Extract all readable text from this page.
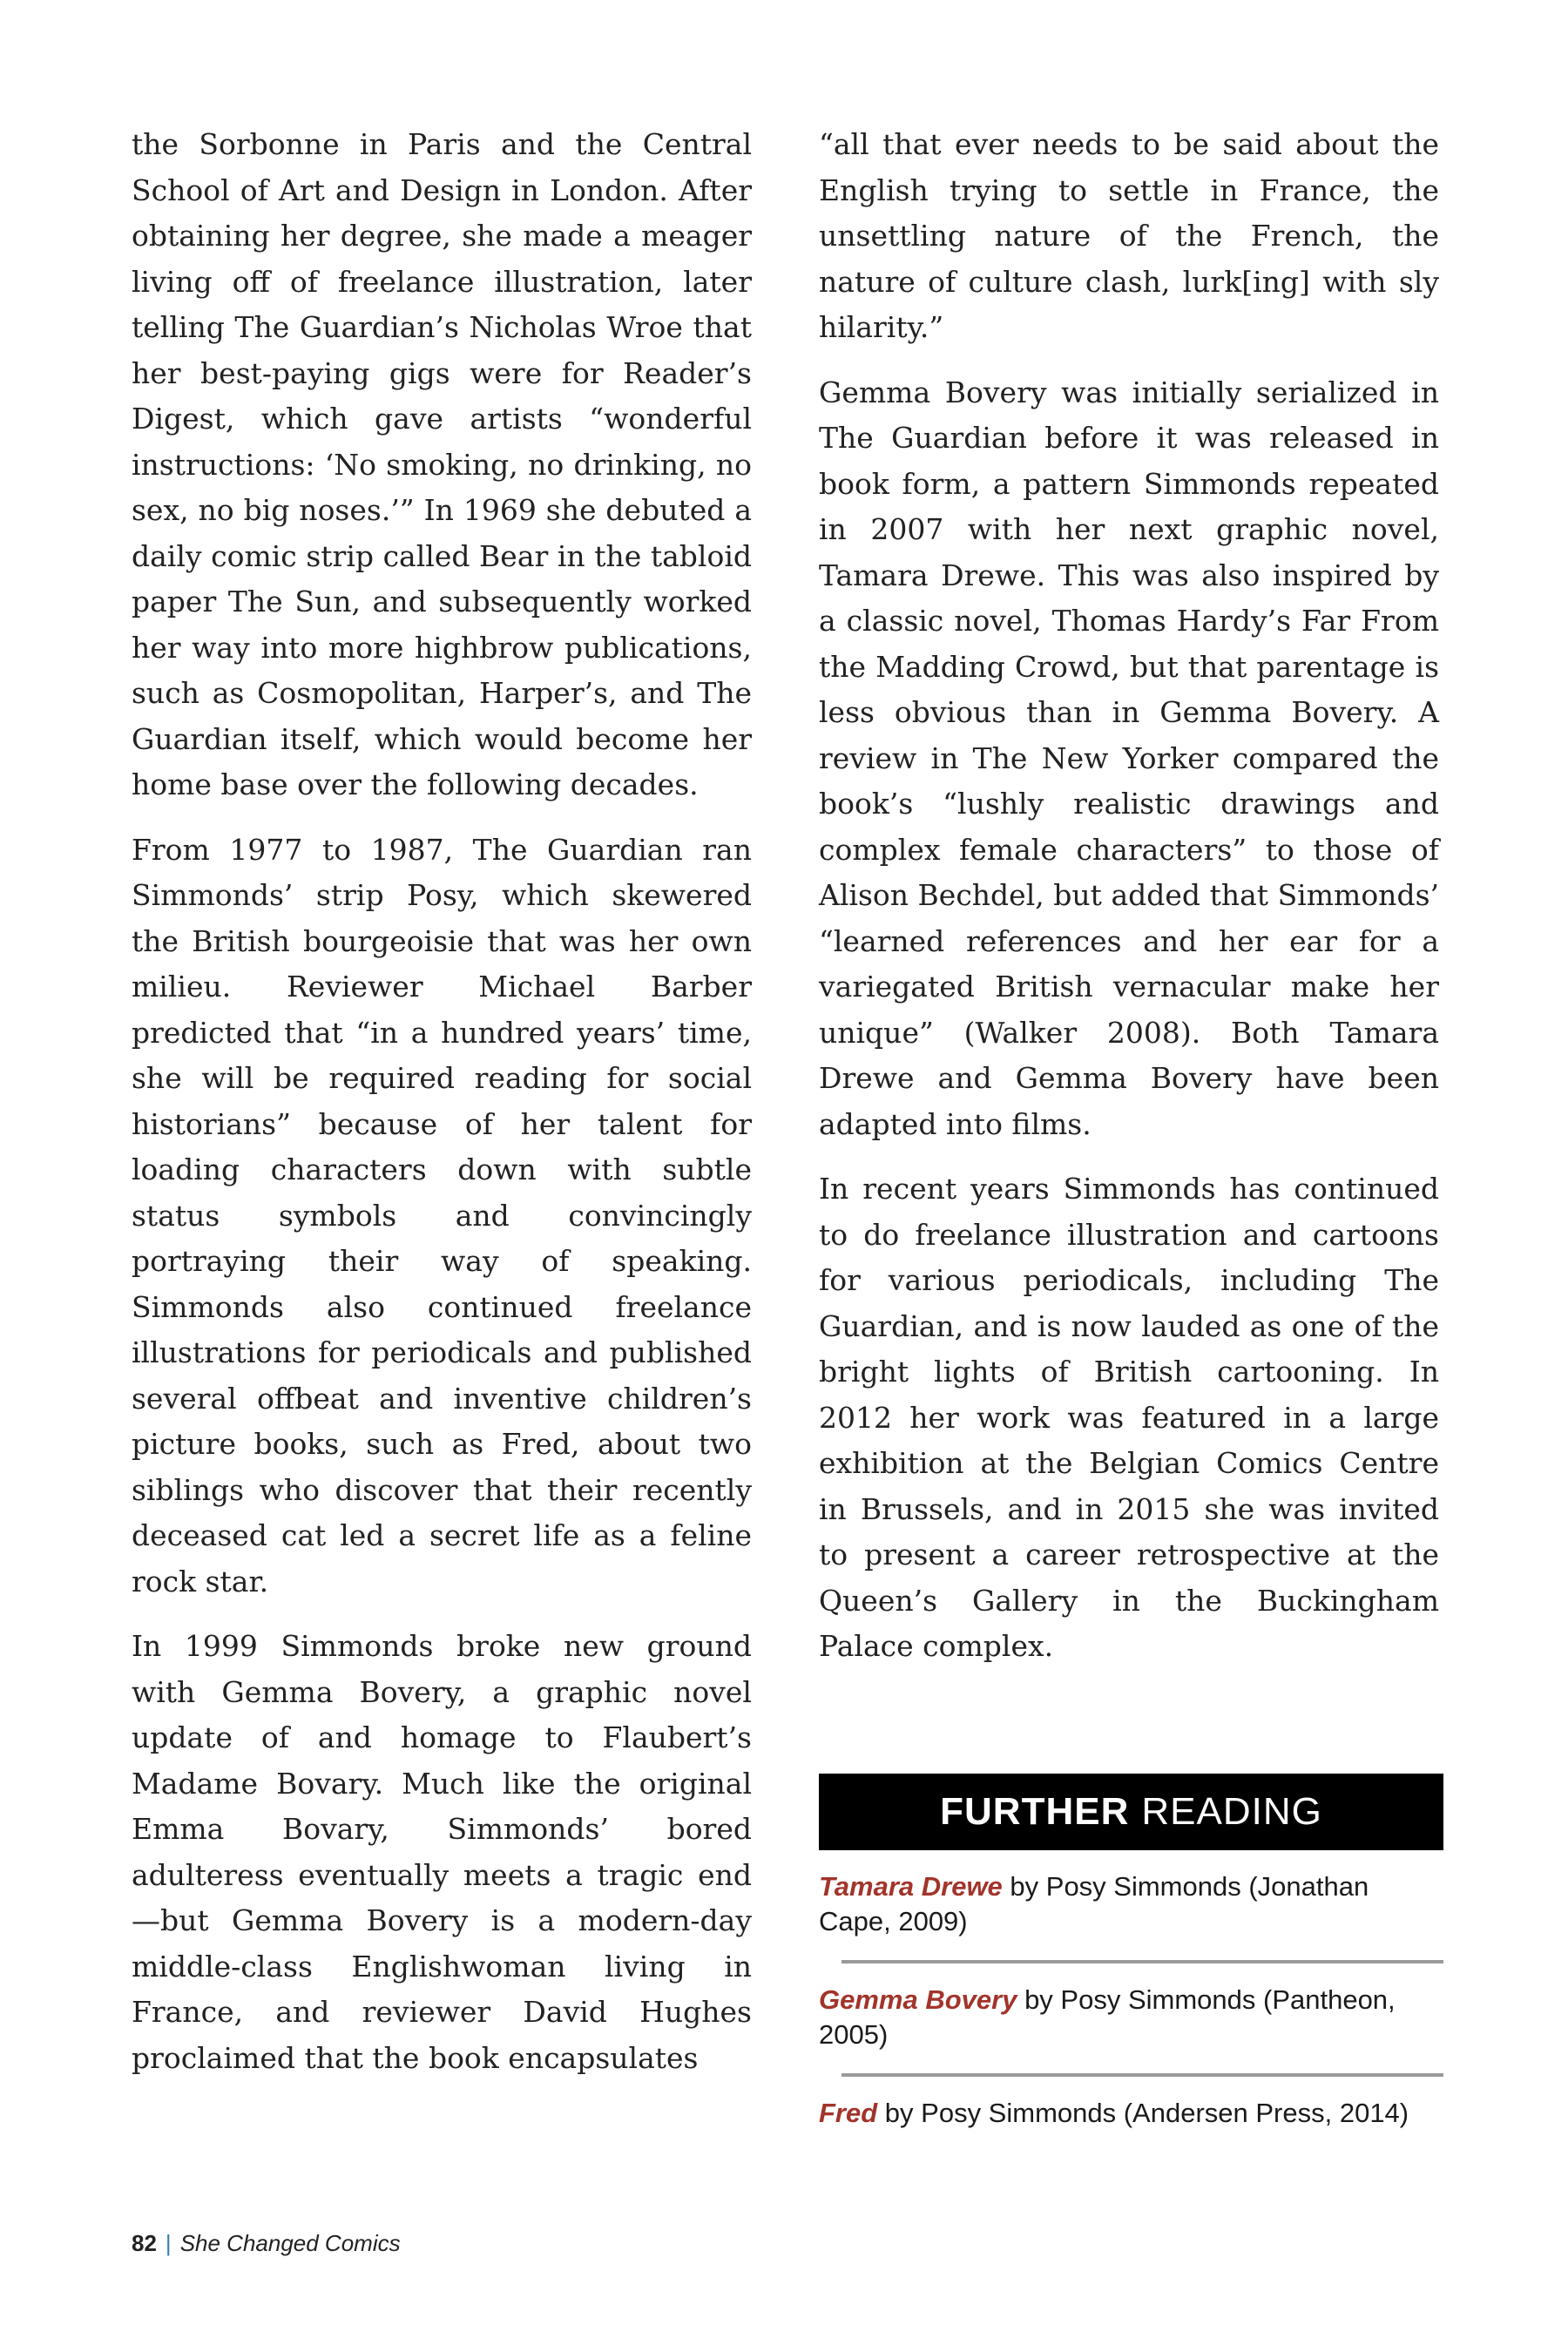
the Sorbonne in Paris and the Central School of Art and Design in London. After obtaining her degree, she made a meager living off of freelance illustration, later telling The Guardian’s Nicholas Wroe that her best-paying gigs were for Reader’s Digest, which gave artists “wonderful instructions: ‘No smoking, no drinking, no sex, no big noses.’” In 1969 she debuted a daily comic strip called Bear in the tabloid paper The Sun, and subsequently worked her way into more highbrow publications, such as Cosmopolitan, Harper’s, and The Guardian itself, which would become her home base over the following decades.

From 1977 to 1987, The Guardian ran Simmonds’ strip Posy, which skewered the British bourgeoisie that was her own milieu. Reviewer Michael Barber predicted that “in a hundred years’ time, she will be required reading for social historians” because of her talent for loading characters down with subtle status symbols and convincingly portraying their way of speaking. Simmonds also continued freelance illustrations for periodicals and published several offbeat and inventive children’s picture books, such as Fred, about two siblings who discover that their recently deceased cat led a secret life as a feline rock star.

In 1999 Simmonds broke new ground with Gemma Bovery, a graphic novel update of and homage to Flaubert’s Madame Bovary. Much like the original Emma Bovary, Simmonds’ bored adulteress eventually meets a tragic end—but Gemma Bovery is a modern-day middle-class Englishwoman living in France, and reviewer David Hughes proclaimed that the book encapsulates

“all that ever needs to be said about the English trying to settle in France, the unsettling nature of the French, the nature of culture clash, lurk[ing] with sly hilarity.”

Gemma Bovery was initially serialized in The Guardian before it was released in book form, a pattern Simmonds repeated in 2007 with her next graphic novel, Tamara Drewe. This was also inspired by a classic novel, Thomas Hardy’s Far From the Madding Crowd, but that parentage is less obvious than in Gemma Bovery. A review in The New Yorker compared the book’s “lushly realistic drawings and complex female characters” to those of Alison Bechdel, but added that Simmonds’ “learned references and her ear for a variegated British vernacular make her unique” (Walker 2008). Both Tamara Drewe and Gemma Bovery have been adapted into films.

In recent years Simmonds has continued to do freelance illustration and cartoons for various periodicals, including The Guardian, and is now lauded as one of the bright lights of British cartooning. In 2012 her work was featured in a large exhibition at the Belgian Comics Centre in Brussels, and in 2015 she was invited to present a career retrospective at the Queen’s Gallery in the Buckingham Palace complex.

FURTHER READING
Tamara Drewe by Posy Simmonds (Jonathan Cape, 2009)
Gemma Bovery by Posy Simmonds (Pantheon, 2005)
Fred by Posy Simmonds (Andersen Press, 2014)
82 | She Changed Comics
